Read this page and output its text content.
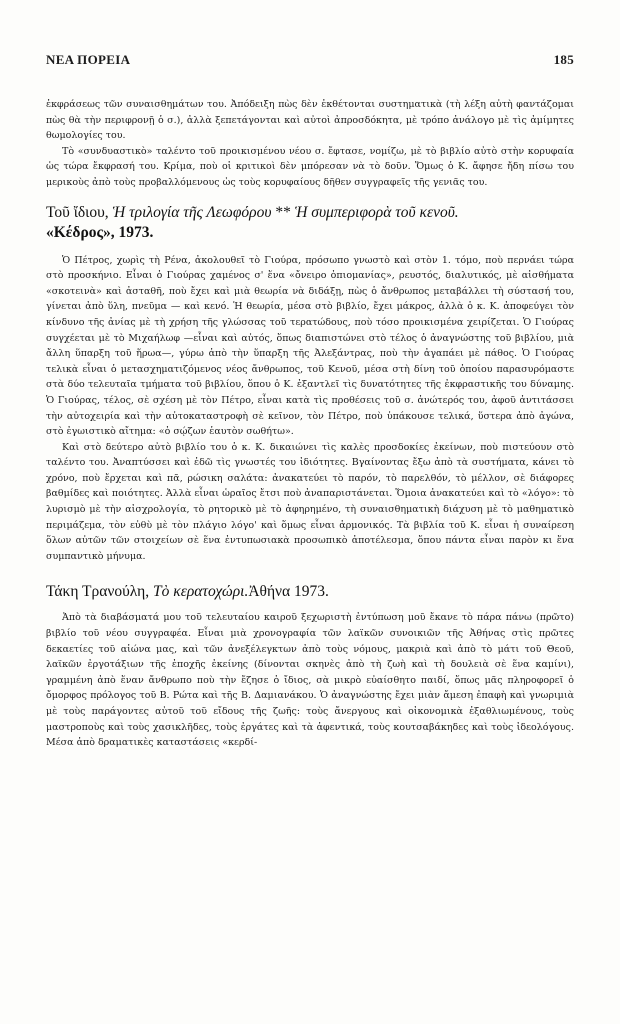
ΝΕΑ ΠΟΡΕΙΑ	185

ἐκφράσεως τῶν συναισθημάτων του. Ἀπόδειξη πὼς δὲν ἐκθέτονται συστηματικὰ (τὴ λέξη αὐτὴ φαντάζομαι πὼς θὰ τὴν περιφρονῇ ὁ σ.), ἀλλὰ ξεπετάγονται καὶ αὐτοὶ ἀπροσδόκητα, μὲ τρόπο ἀνάλογο μὲ τὶς ἀμίμητες θωμολογίες του.

Τὸ «συνδυαστικὸ» ταλέντο τοῦ προικισμένου νέου σ. ἔφτασε, νομίζω, μὲ τὸ βιβλίο αὐτὸ στὴν κορυφαία ὡς τώρα ἔκφρασή του. Κρίμα, ποὺ οἱ κριτικοὶ δὲν μπόρεσαν νὰ τὸ δοῦν. Ὅμως ὁ Κ. ἄφησε ἤδη πίσω του μερικοὺς ἀπὸ τοὺς προβαλλόμενους ὡς τοὺς κορυφαίους δῆθεν συγγραφεῖς τῆς γενιᾶς του.

Τοῦ ἴδιου, Ἡ τριλογία τῆς Λεωφόρου ** Ἡ συμπεριφορὰ τοῦ κενοῦ.
«Κέδρος», 1973.

Ὁ Πέτρος, χωρὶς τὴ Ρένα, ἀκολουθεῖ τὸ Γιούρα, πρόσωπο γνωστὸ καὶ στὸν 1. τόμο, ποὺ περνάει τώρα στὸ προσκήνιο. Εἶναι ὁ Γιούρας χαμένος σ' ἕνα «ὄνειρο ὀπιομανίας», ρευστός, διαλυτικός, μὲ αἰσθήματα «σκοτεινὰ» καὶ ἀσταθῆ, ποὺ ἔχει καὶ μιὰ θεωρία νὰ διδάξῃ, πὼς ὁ ἄνθρωπος μεταβάλλει τὴ σύστασή του, γίνεται ἀπὸ ὕλη, πνεῦμα — καὶ κενό. Ἡ θεωρία, μέσα στὸ βιβλίο, ἔχει μάκρος, ἀλλὰ ὁ κ. Κ. ἀποφεύγει τὸν κίνδυνο τῆς ἀνίας μὲ τὴ χρήση τῆς γλώσσας τοῦ τερατώδους, ποὺ τόσο προικισμένα χειρίζεται. Ὁ Γιούρας συγχέεται μὲ τὸ Μιχαήλωφ —εἶναι καὶ αὐτός, ὅπως διαπιστώνει στὸ τέλος ὁ ἀναγνώστης τοῦ βιβλίου, μιὰ ἄλλη ὕπαρξη τοῦ ἥρωα—, γύρω ἀπὸ τὴν ὕπαρξη τῆς Ἀλεξάντρας, ποὺ τὴν ἀγαπάει μὲ πάθος. Ὁ Γιούρας τελικὰ εἶναι ὁ μετασχηματιζόμενος νέος ἄνθρωπος, τοῦ Κενοῦ, μέσα στὴ δίνη τοῦ ὁποίου παρασυρόμαστε στὰ δύο τελευταῖα τμήματα τοῦ βιβλίου, ὅπου ὁ Κ. ἐξαντλεῖ τὶς δυνατότητες τῆς ἐκφραστικῆς του δύναμης. Ὁ Γιούρας, τέλος, σὲ σχέση μὲ τὸν Πέτρο, εἶναι κατὰ τὶς προθέσεις τοῦ σ. ἀνώτερός του, ἀφοῦ ἀντιτάσσει τὴν αὐτοχειρία καὶ τὴν αὐτοκαταστροφὴ σὲ κεῖνον, τὸν Πέτρο, ποὺ ὑπάκουσε τελικά, ὕστερα ἀπὸ ἀγώνα, στὸ ἐγωιστικὸ αἴτημα: «ὁ σῴζων ἑαυτὸν σωθήτω».

Καὶ στὸ δεύτερο αὐτὸ βιβλίο του ὁ κ. Κ. δικαιώνει τὶς καλὲς προσδοκίες ἐκείνων, ποὺ πιστεύουν στὸ ταλέντο του. Ἀναπτύσσει καὶ ἐδῶ τὶς γνωστές του ἰδιότητες. Βγαίνοντας ἔξω ἀπὸ τὰ συστήματα, κάνει τὸ χρόνο, ποὺ ἔρχεται καὶ πᾶ, ρώσικη σαλάτα: ἀνακατεύει τὸ παρόν, τὸ παρελθόν, τὸ μέλλον, σὲ διάφορες βαθμίδες καὶ ποιότητες. Ἀλλὰ εἶναι ὡραῖος ἔτσι ποὺ ἀναπαριστάνεται. Ὅμοια ἀνακατεύει καὶ τὸ «λόγο»: τὸ λυρισμὸ μὲ τὴν αἰσχρολογία, τὸ ρητορικὸ μὲ τὸ ἀφηρημένο, τὴ συναισθηματικὴ διάχυση μὲ τὸ μαθηματικὸ περιμάζεμα, τὸν εὐθὺ μὲ τὸν πλάγιο λόγο' καὶ ὅμως εἶναι ἁρμονικός. Τὰ βιβλία τοῦ Κ. εἶναι ἡ συναίρεση ὅλων αὐτῶν τῶν στοιχείων σὲ ἕνα ἐντυπωσιακὰ προσωπικὸ ἀποτέλεσμα, ὅπου πάντα εἶναι παρὸν κι ἕνα συμπαντικὸ μήνυμα.

Τάκη Τρανούλη, Τὸ κερατοχώρι.Ἀθήνα 1973.

Ἀπὸ τὰ διαβάσματά μου τοῦ τελευταίου καιροῦ ξεχωριστὴ ἐντύπωση μοῦ ἔκανε τὸ πάρα πάνω (πρῶτο) βιβλίο τοῦ νέου συγγραφέα. Εἶναι μιὰ χρονογραφία τῶν λαϊκῶν συνοικιῶν τῆς Ἀθήνας στὶς πρῶτες δεκαετίες τοῦ αἰώνα μας, καὶ τῶν ἀνεξέλεγκτων ἀπὸ τοὺς νόμους, μακριὰ καὶ ἀπὸ τὸ μάτι τοῦ Θεοῦ, λαϊκῶν ἐργοτάξιων τῆς ἐποχῆς ἐκείνης (δίνονται σκηνὲς ἀπὸ τὴ ζωὴ καὶ τὴ δουλειὰ σὲ ἕνα καμίνι), γραμμένη ἀπὸ ἕναν ἄνθρωπο ποὺ τὴν ἔζησε ὁ ἴδιος, σὰ μικρὸ εὐαίσθητο παιδί, ὅπως μᾶς πληροφορεῖ ὁ ὄμορφος πρόλογος τοῦ Β. Ρώτα καὶ τῆς Β. Δαμιανάκου. Ὁ ἀναγνώστης ἔχει μιὰν ἄμεση ἐπαφὴ καὶ γνωριμιὰ μὲ τοὺς παράγοντες αὐτοῦ τοῦ εἴδους τῆς ζωῆς: τοὺς ἄνεργους καὶ οἰκονομικὰ ἐξαθλιωμένους, τοὺς μαστροποὺς καὶ τοὺς χασικλῆδες, τοὺς ἐργάτες καὶ τὰ ἀφεντικά, τοὺς κουτσαβάκηδες καὶ τοὺς ἰδεολόγους. Μέσα ἀπὸ δραματικὲς καταστάσεις «κερδί-
